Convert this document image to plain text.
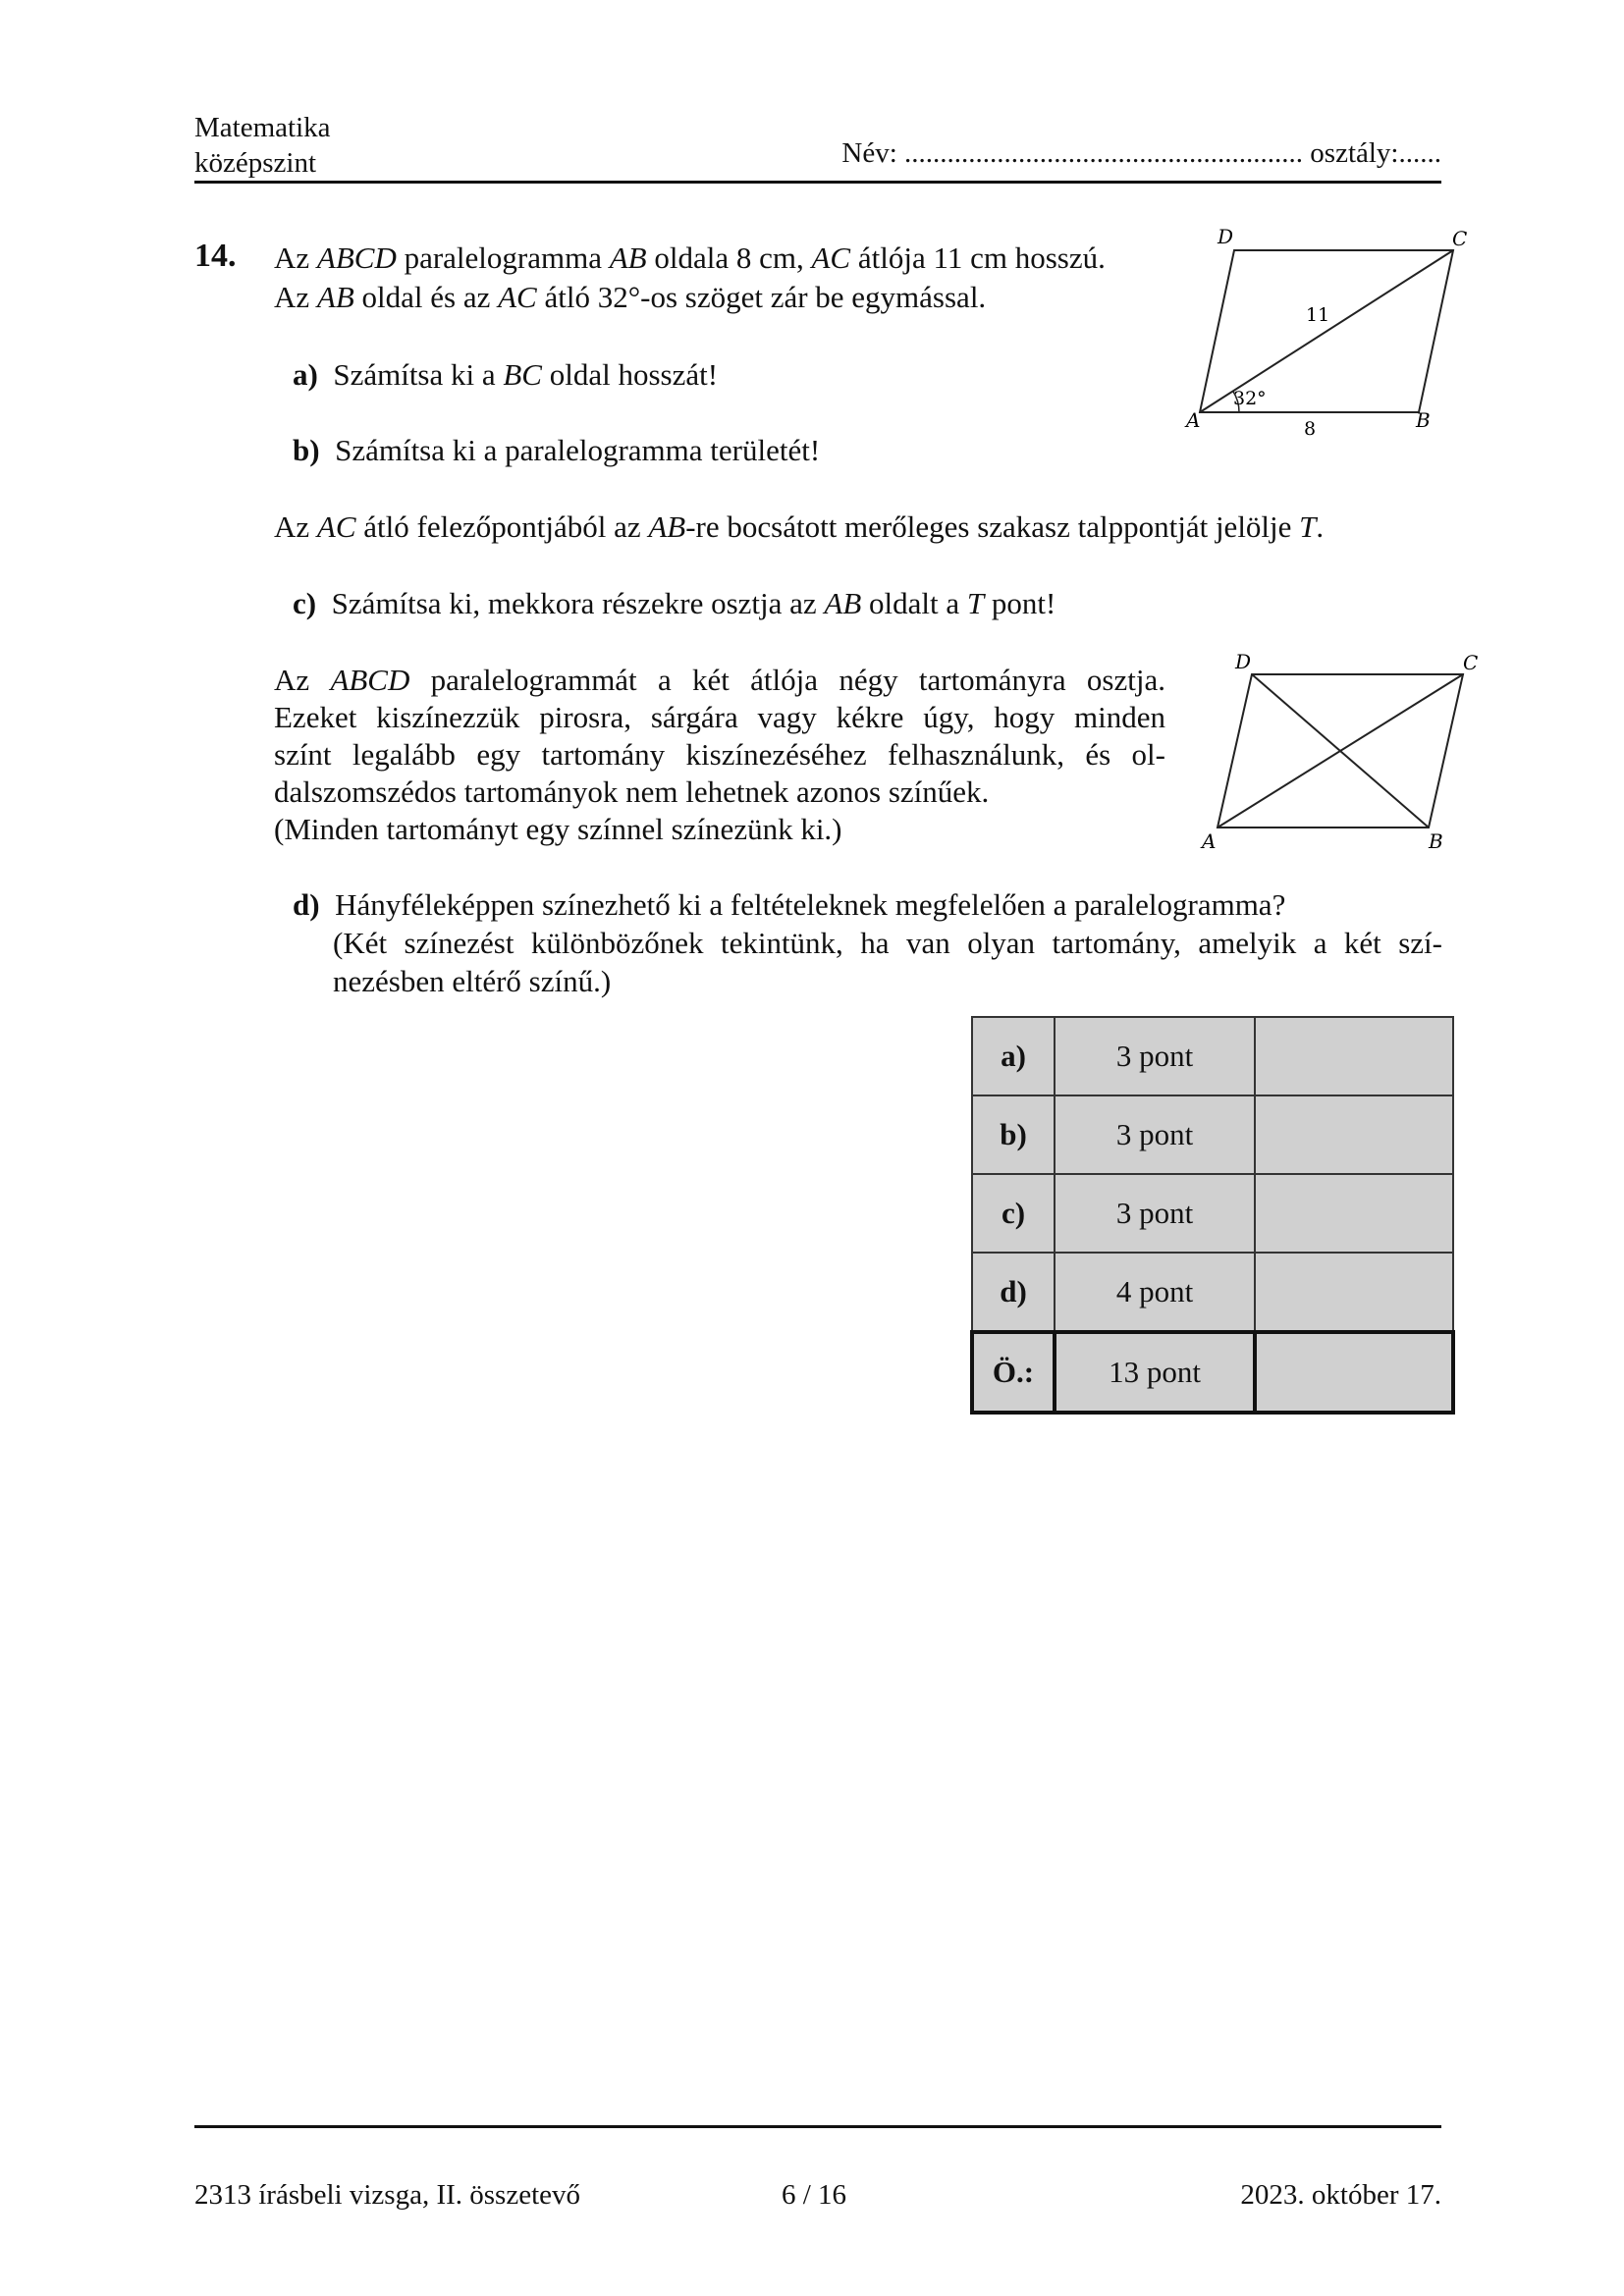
Matematika
középszint	Név: ........................................................ osztály:......
14. Az ABCD paralelogramma AB oldala 8 cm, AC átlója 11 cm hosszú.
Az AB oldal és az AC átló 32°-os szöget zár be egymással.
a) Számítsa ki a BC oldal hosszát!
b) Számítsa ki a paralelogramma területét!
A	B
C
D
8
11
32°
Az AC átló felezőpontjából az AB-re bocsátott merőleges szakasz talppontját jelölje T.
c) Számítsa ki, mekkora részekre osztja az AB oldalt a T pont!
Az ABCD paralelogrammát a két átlója négy tartományra osztja.
Ezeket kiszínezzük pirosra, sárgára vagy kékre úgy, hogy minden
színt legalább egy tartomány kiszínezéséhez felhasználunk, és ol-
dalszomszédos tartományok nem lehetnek azonos színűek.
(Minden tartományt egy színnel színezünk ki.)	A	B
C
D
d) Hányféleképpen színezhető ki a feltételeknek megfelelően a paralelogramma?
(Két színezést különbözőnek tekintünk, ha van olyan tartomány, amelyik a két szí-
nezésben eltérő színű.)
a)	3 pont	
b)	3 pont	
c)	3 pont	
d)	4 pont	
Ö.:	13 pont	
2313 írásbeli vizsga, II. összetevő	6 / 16	2023. október 17.
